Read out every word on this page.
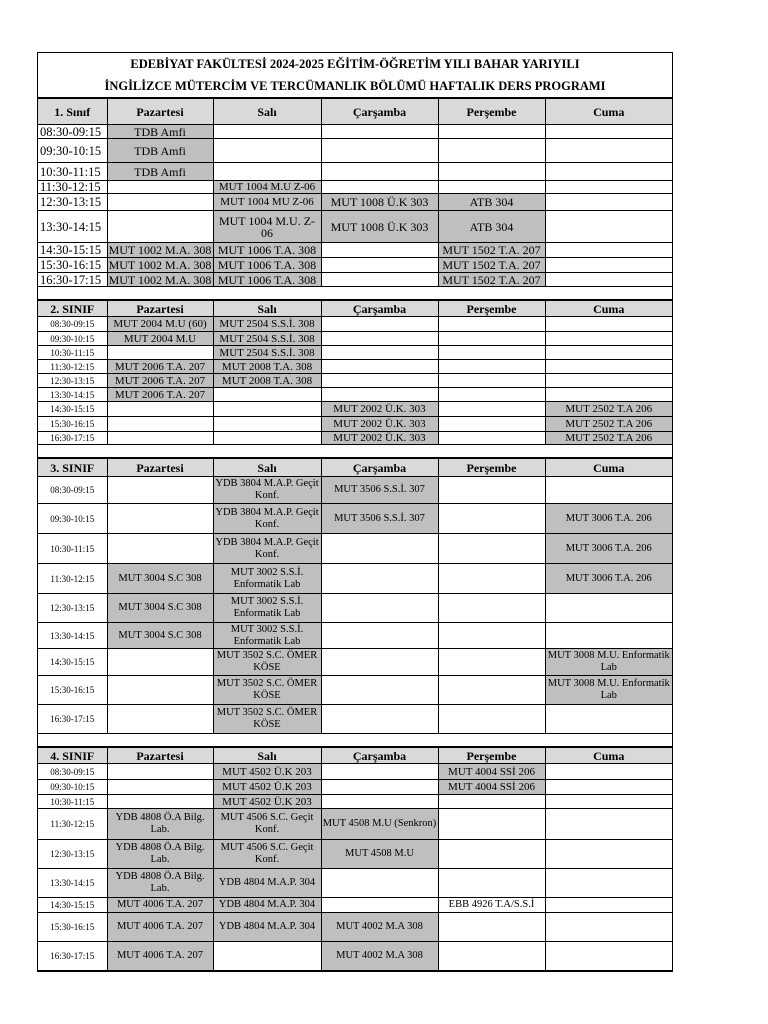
EDEBİYAT FAKÜLTESİ 2024-2025 EĞİTİM-ÖĞRETİM YILI BAHAR YARIYILI
İNGİLİZCE MÜTERCİM VE TERCÜMANLIK BÖLÜMÜ HAFTALIK DERS PROGRAMI
1. Sınıf	Pazartesi	Salı	Çarşamba	Perşembe	Cuma
08:30-09:15	TDB Amfi				
09:30-10:15	TDB Amfi				
10:30-11:15	TDB Amfi				
11:30-12:15		MUT 1004 M.U Z-06			
12:30-13:15		MUT 1004 MU Z-06	MUT 1008 Ü.K 303	ATB 304	
13:30-14:15		MUT 1004 M.U. Z-06	MUT 1008 Ü.K 303	ATB 304	
14:30-15:15	MUT 1002 M.A. 308	MUT 1006 T.A. 308		MUT 1502 T.A. 207	
15:30-16:15	MUT 1002 M.A. 308	MUT 1006 T.A. 308		MUT 1502 T.A. 207	
16:30-17:15	MUT 1002 M.A. 308	MUT 1006 T.A. 308		MUT 1502 T.A. 207	

2. SINIF	Pazartesi	Salı	Çarşamba	Perşembe	Cuma
08:30-09:15	MUT 2004 M.U (60)	MUT 2504 S.S.İ. 308			
09:30-10:15	MUT 2004 M.U	MUT 2504 S.S.İ. 308			
10:30-11:15		MUT 2504 S.S.İ. 308			
11:30-12:15	MUT 2006 T.A. 207	MUT 2008 T.A. 308			
12:30-13:15	MUT 2006 T.A. 207	MUT 2008 T.A. 308			
13:30-14:15	MUT 2006 T.A. 207				
14:30-15:15			MUT 2002 Ü.K. 303		MUT 2502 T.A 206
15:30-16:15			MUT 2002 Ü.K. 303		MUT 2502 T.A 206
16:30-17:15			MUT 2002 Ü.K. 303		MUT 2502 T.A 206

3. SINIF	Pazartesi	Salı	Çarşamba	Perşembe	Cuma
08:30-09:15		YDB 3804 M.A.P. Geçit Konf.	MUT 3506 S.S.İ. 307		
09:30-10:15		YDB 3804 M.A.P. Geçit Konf.	MUT 3506 S.S.İ. 307		MUT 3006 T.A. 206
10:30-11:15		YDB 3804 M.A.P. Geçit Konf.			MUT 3006 T.A. 206
11:30-12:15	MUT 3004 S.C 308	MUT 3002 S.S.İ. Enformatik Lab			MUT 3006 T.A. 206
12:30-13:15	MUT 3004 S.C 308	MUT 3002 S.S.İ. Enformatik Lab			
13:30-14:15	MUT 3004 S.C 308	MUT 3002 S.S.İ. Enformatik Lab			
14:30-15:15		MUT 3502 S.C. ÖMER KÖSE			MUT 3008 M.U. Enformatik Lab
15:30-16:15		MUT 3502 S.C. ÖMER KÖSE			MUT 3008 M.U. Enformatik Lab
16:30-17:15		MUT 3502 S.C. ÖMER KÖSE			

4. SINIF	Pazartesi	Salı	Çarşamba	Perşembe	Cuma
08:30-09:15		MUT 4502 Ü.K 203		MUT 4004 SSİ 206	
09:30-10:15		MUT 4502 Ü.K 203		MUT 4004 SSİ 206	
10:30-11:15		MUT 4502 Ü.K 203			
11:30-12:15	YDB 4808 Ö.A Bilg. Lab.	MUT 4506 S.C. Geçit Konf.	MUT 4508 M.U (Senkron)		
12:30-13:15	YDB 4808 Ö.A Bilg. Lab.	MUT 4506 S.C. Geçit Konf.	MUT 4508 M.U		
13:30-14:15	YDB 4808 Ö.A Bilg. Lab.	YDB 4804 M.A.P. 304			
14:30-15:15	MUT 4006 T.A. 207	YDB 4804 M.A.P. 304		EBB 4926 T.A/S.S.İ	
15:30-16:15	MUT 4006 T.A. 207	YDB 4804 M.A.P. 304	MUT 4002 M.A 308		
16:30-17:15	MUT 4006 T.A. 207		MUT 4002 M.A 308		
